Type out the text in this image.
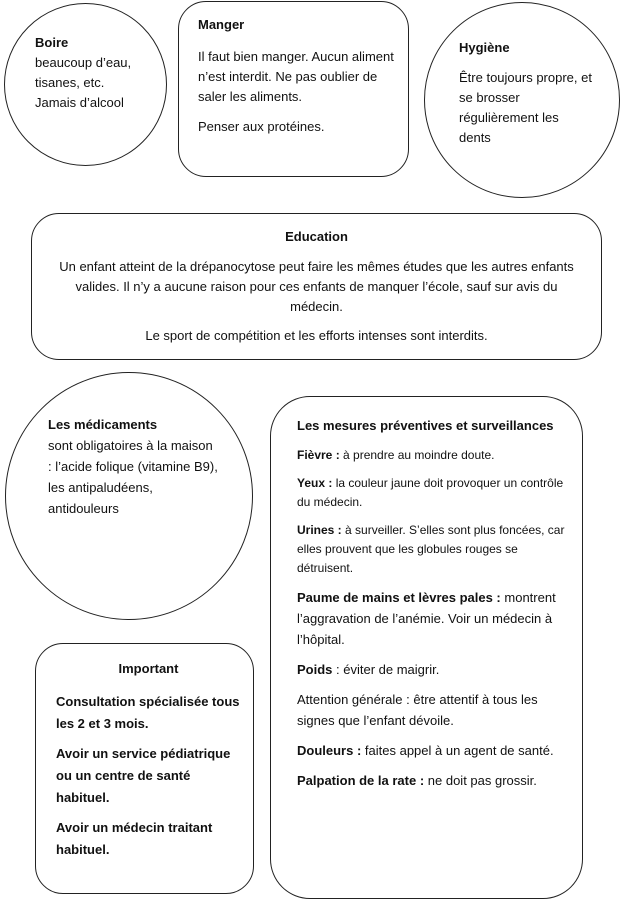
Boire

beaucoup d’eau, tisanes, etc. Jamais d’alcool

Manger

Il faut bien manger. Aucun aliment n’est interdit. Ne pas oublier de saler les aliments.

Penser aux protéines.

Hygiène

Être toujours propre, et se brosser régulièrement les dents

Education

Un enfant atteint de la drépanocytose peut faire les mêmes études que les autres enfants valides. Il n’y a aucune raison pour ces enfants de manquer l’école, sauf sur avis du médecin.

Le sport de compétition et les efforts intenses sont interdits.

Les médicaments

sont obligatoires à la maison : l’acide folique (vitamine B9), les antipaludéens, antidouleurs

Important

Consultation spécialisée tous les 2 et 3 mois.

Avoir un service pédiatrique ou un centre de santé habituel.

Avoir un médecin traitant habituel.

Les mesures préventives et surveillances

Fièvre : à prendre au moindre doute.

Yeux : la couleur jaune doit provoquer un contrôle du médecin.

Urines : à surveiller. S’elles sont plus foncées, car elles prouvent que les globules rouges se détruisent.

Paume de mains et lèvres pales : montrent l’aggravation de l’anémie. Voir un médecin à l’hôpital.

Poids : éviter de maigrir.

Attention générale : être attentif à tous les signes que l’enfant dévoile.

Douleurs : faites appel à un agent de santé.

Palpation de la rate : ne doit pas grossir.
